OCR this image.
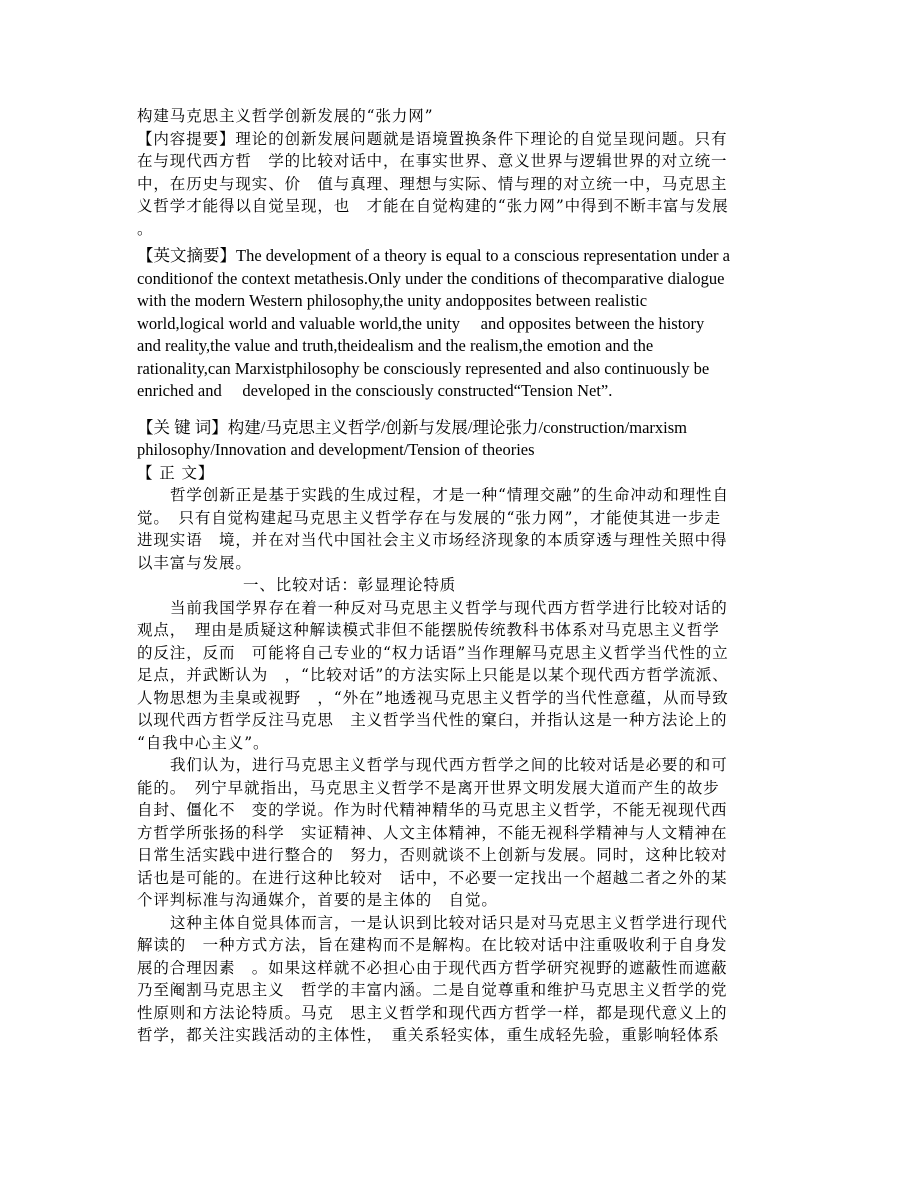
构建马克思主义哲学创新发展的“张力网”
【内容提要】理论的创新发展问题就是语境置换条件下理论的自觉呈现问题。只有
在与现代西方哲　学的比较对话中，在事实世界、意义世界与逻辑世界的对立统一
中，在历史与现实、价　值与真理、理想与实际、情与理的对立统一中，马克思主
义哲学才能得以自觉呈现，也　才能在自觉构建的“张力网”中得到不断丰富与发展
。
【英文摘要】The development of a theory is equal to a conscious representation under a
conditionof the context metathesis.Only under the conditions of thecomparative dialogue
with the modern Western philosophy,the unity andopposites between realistic
world,logical world and valuable world,the unity     and opposites between the history
and reality,the value and truth,theidealism and the realism,the emotion and the
rationality,can Marxistphilosophy be consciously represented and also continuously be
enriched and     developed in the consciously constructed“Tension Net”.
【关 键 词】构建/马克思主义哲学/创新与发展/理论张力/construction/marxism
philosophy/Innovation and development/Tension of theories
【 正 文】
哲学创新正是基于实践的生成过程，才是一种“情理交融”的生命冲动和理性自
觉。　只有自觉构建起马克思主义哲学存在与发展的“张力网”，才能使其进一步走
进现实语　境，并在对当代中国社会主义市场经济现象的本质穿透与理性关照中得
以丰富与发展。
一、比较对话：彰显理论特质
当前我国学界存在着一种反对马克思主义哲学与现代西方哲学进行比较对话的
观点，　理由是质疑这种解读模式非但不能摆脱传统教科书体系对马克思主义哲学
的反注，反而　可能将自己专业的“权力话语”当作理解马克思主义哲学当代性的立
足点，并武断认为　，“比较对话”的方法实际上只能是以某个现代西方哲学流派、
人物思想为圭臬或视野　，“外在”地透视马克思主义哲学的当代性意蕴，从而导致
以现代西方哲学反注马克思　主义哲学当代性的窠臼，并指认这是一种方法论上的
“自我中心主义”。
我们认为，进行马克思主义哲学与现代西方哲学之间的比较对话是必要的和可
能的。　列宁早就指出，马克思主义哲学不是离开世界文明发展大道而产生的故步
自封、僵化不　变的学说。作为时代精神精华的马克思主义哲学，不能无视现代西
方哲学所张扬的科学　实证精神、人文主体精神，不能无视科学精神与人文精神在
日常生活实践中进行整合的　努力，否则就谈不上创新与发展。同时，这种比较对
话也是可能的。在进行这种比较对　话中，不必要一定找出一个超越二者之外的某
个评判标准与沟通媒介，首要的是主体的　自觉。
这种主体自觉具体而言，一是认识到比较对话只是对马克思主义哲学进行现代
解读的　一种方式方法，旨在建构而不是解构。在比较对话中注重吸收利于自身发
展的合理因素　。如果这样就不必担心由于现代西方哲学研究视野的遮蔽性而遮蔽
乃至阉割马克思主义　哲学的丰富内涵。二是自觉尊重和维护马克思主义哲学的党
性原则和方法论特质。马克　思主义哲学和现代西方哲学一样，都是现代意义上的
哲学，都关注实践活动的主体性，　重关系轻实体，重生成轻先验，重影响轻体系
